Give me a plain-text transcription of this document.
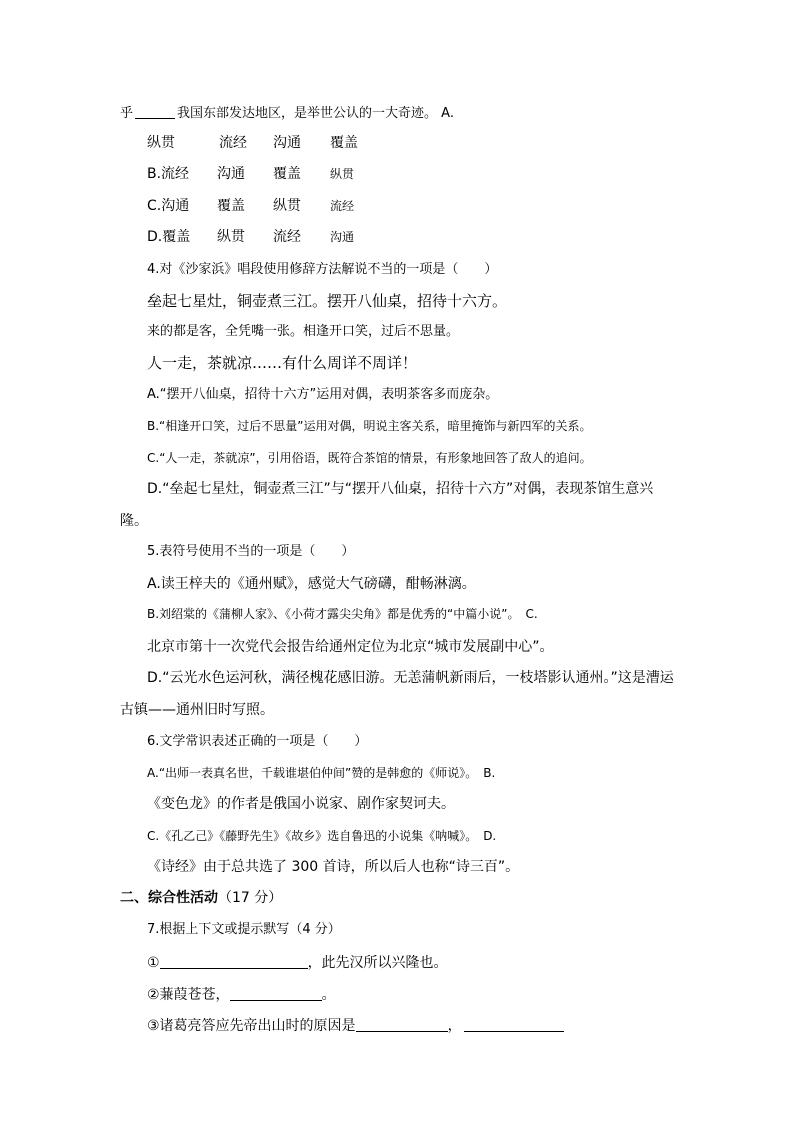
乎	我国东部发达地区，是举世公认的一大奇迹。 A.
纵贯	流经 沟通 覆盖
B.流经 沟通 覆盖 纵贯
C.沟通 覆盖 纵贯 流经
D.覆盖 纵贯 流经 沟通
4.对《沙家浜》唱段使用修辞方法解说不当的一项是（　　）
垒起七星灶，铜壶煮三江。摆开八仙桌，招待十六方。
来的都是客，全凭嘴一张。相逢开口笑，过后不思量。
人一走，茶就凉……有什么周详不周详！
A.“摆开八仙桌，招待十六方”运用对偶，表明茶客多而庞杂。
B.“相逢开口笑，过后不思量”运用对偶，明说主客关系，暗里掩饰与新四军的关系。
C.“人一走，茶就凉”，引用俗语，既符合茶馆的情景，有形象地回答了敌人的追问。
D.“垒起七星灶，铜壶煮三江”与“摆开八仙桌，招待十六方”对偶，表现茶馆生意兴
隆。
5.表符号使用不当的一项是（　　）
A.读王梓夫的《通州赋》，感觉大气磅礴，酣畅淋漓。
B.刘绍棠的《蒲柳人家》、《小荷才露尖尖角》都是优秀的“中篇小说”。　C.
北京市第十一次党代会报告给通州定位为北京“城市发展副中心”。
D.“云光水色运河秋，满径槐花感旧游。无恙蒲帆新雨后，一枝塔影认通州。”这是漕运
古镇——通州旧时写照。
6.文学常识表述正确的一项是（　　）
A.“出师一表真名世，千载谁堪伯仲间”赞的是韩愈的《师说》。　B.
《变色龙》的作者是俄国小说家、剧作家契诃夫。
C.《孔乙己》《藤野先生》《故乡》选自鲁迅的小说集《呐喊》。　D.
《诗经》由于总共选了 300 首诗，所以后人也称“诗三百”。
二、综合性活动（17 分）
7.根据上下文或提示默写（4 分）
①	，此先汉所以兴隆也。
②蒹葭苍苍，	。
③诸葛亮答应先帝出山时的原因是	，
